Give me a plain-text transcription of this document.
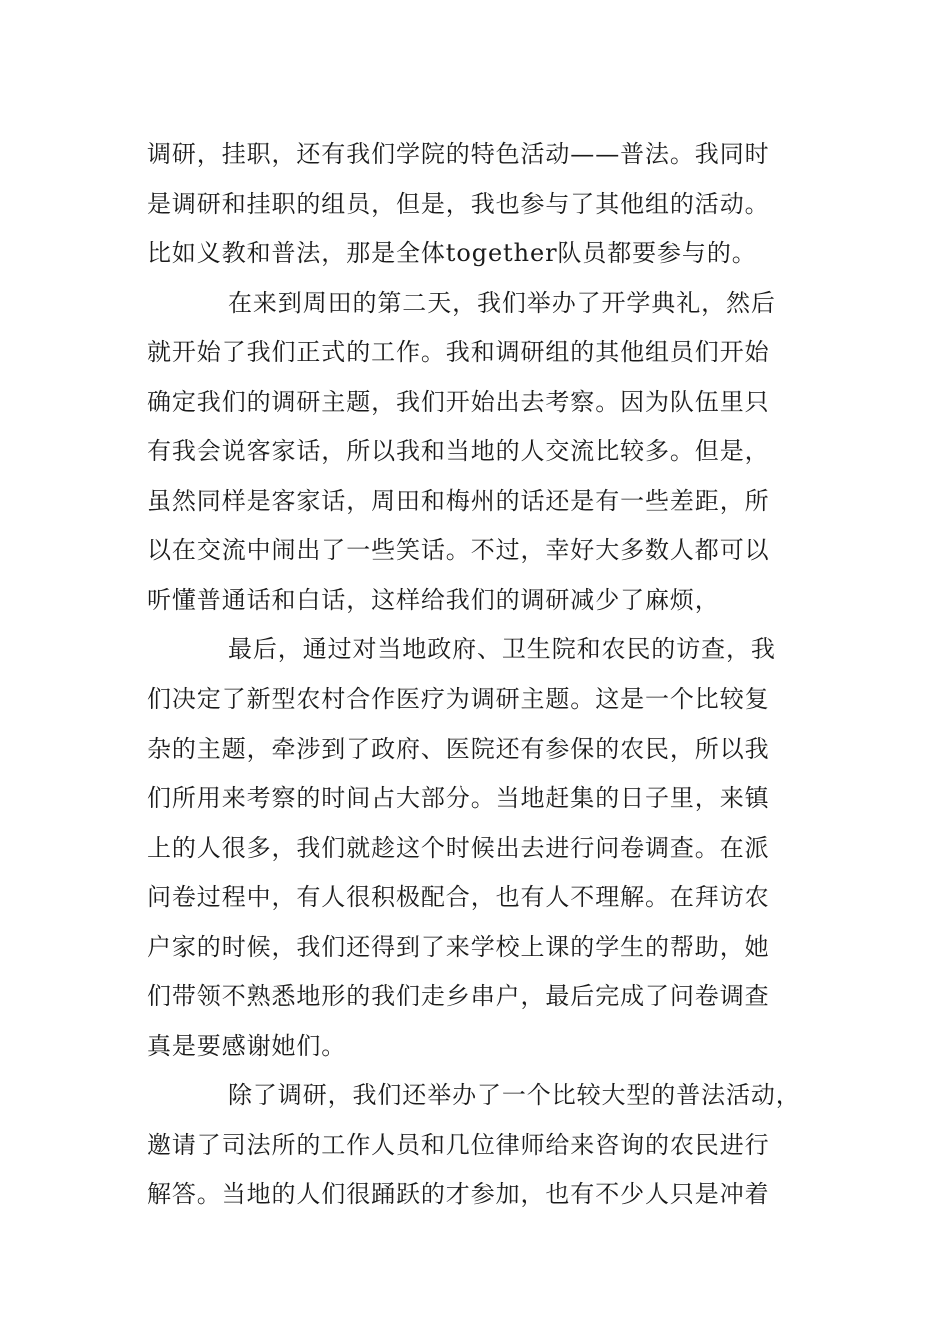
调研，挂职，还有我们学院的特色活动——普法。我同时
是调研和挂职的组员，但是，我也参与了其他组的活动。
比如义教和普法，那是全体together队员都要参与的。
在来到周田的第二天，我们举办了开学典礼，然后
就开始了我们正式的工作。我和调研组的其他组员们开始
确定我们的调研主题，我们开始出去考察。因为队伍里只
有我会说客家话，所以我和当地的人交流比较多。但是，
虽然同样是客家话，周田和梅州的话还是有一些差距，所
以在交流中闹出了一些笑话。不过，幸好大多数人都可以
听懂普通话和白话，这样给我们的调研减少了麻烦，
最后，通过对当地政府、卫生院和农民的访查，我
们决定了新型农村合作医疗为调研主题。这是一个比较复
杂的主题，牵涉到了政府、医院还有参保的农民，所以我
们所用来考察的时间占大部分。当地赶集的日子里，来镇
上的人很多，我们就趁这个时候出去进行问卷调查。在派
问卷过程中，有人很积极配合，也有人不理解。在拜访农
户家的时候，我们还得到了来学校上课的学生的帮助，她
们带领不熟悉地形的我们走乡串户，最后完成了问卷调查
真是要感谢她们。
除了调研，我们还举办了一个比较大型的普法活动，
邀请了司法所的工作人员和几位律师给来咨询的农民进行
解答。当地的人们很踊跃的才参加，也有不少人只是冲着
